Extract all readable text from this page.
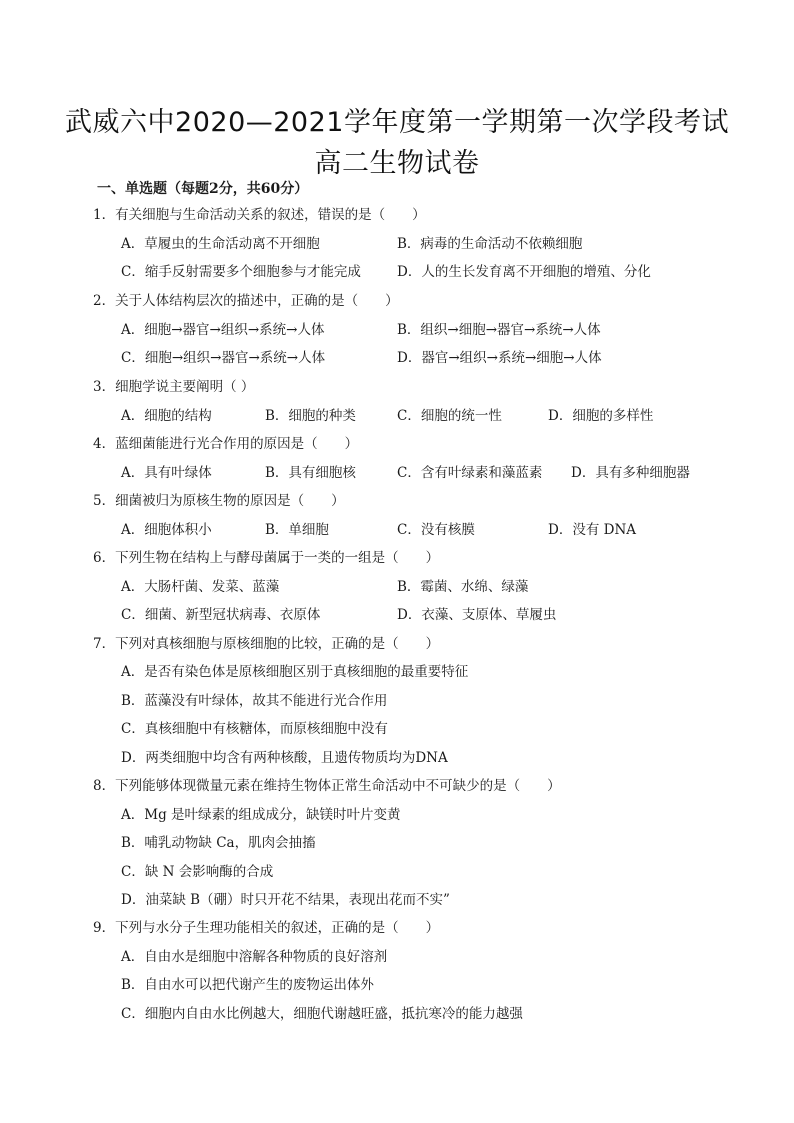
武威六中2020—2021学年度第一学期第一次学段考试
高二生物试卷
一、单选题（每题2分，共60分）
1．有关细胞与生命活动关系的叙述，错误的是（　　）
A．草履虫的生命活动离不开细胞	B．病毒的生命活动不依赖细胞
C．缩手反射需要多个细胞参与才能完成	D．人的生长发育离不开细胞的增殖、分化
2．关于人体结构层次的描述中，正确的是（　　）
A．细胞→器官→组织→系统→人体	B．组织→细胞→器官→系统→人体
C．细胞→组织→器官→系统→人体	D．器官→组织→系统→细胞→人体
3．细胞学说主要阐明（ ）
A．细胞的结构	B．细胞的种类	C．细胞的统一性	D．细胞的多样性
4．蓝细菌能进行光合作用的原因是（　　）
A．具有叶绿体	B．具有细胞核	C．含有叶绿素和藻蓝素 D．具有多种细胞器
5．细菌被归为原核生物的原因是（　　）
A．细胞体积小	B．单细胞	C．没有核膜	D．没有 DNA
6．下列生物在结构上与酵母菌属于一类的一组是（　　）
A．大肠杆菌、发菜、蓝藻	B．霉菌、水绵、绿藻
C．细菌、新型冠状病毒、衣原体	D．衣藻、支原体、草履虫
7．下列对真核细胞与原核细胞的比较，正确的是（　　）
A．是否有染色体是原核细胞区别于真核细胞的最重要特征
B．蓝藻没有叶绿体，故其不能进行光合作用
C．真核细胞中有核糖体，而原核细胞中没有
D．两类细胞中均含有两种核酸，且遗传物质均为DNA
8．下列能够体现微量元素在维持生物体正常生命活动中不可缺少的是（　　）
A．Mg 是叶绿素的组成成分，缺镁时叶片变黄
B．哺乳动物缺 Ca，肌肉会抽搐
C．缺 N 会影响酶的合成
D．油菜缺 B（硼）时只开花不结果，表现出花而不实”
9．下列与水分子生理功能相关的叙述，正确的是（　　）
A．自由水是细胞中溶解各种物质的良好溶剂
B．自由水可以把代谢产生的废物运出体外
C．细胞内自由水比例越大，细胞代谢越旺盛，抵抗寒冷的能力越强
